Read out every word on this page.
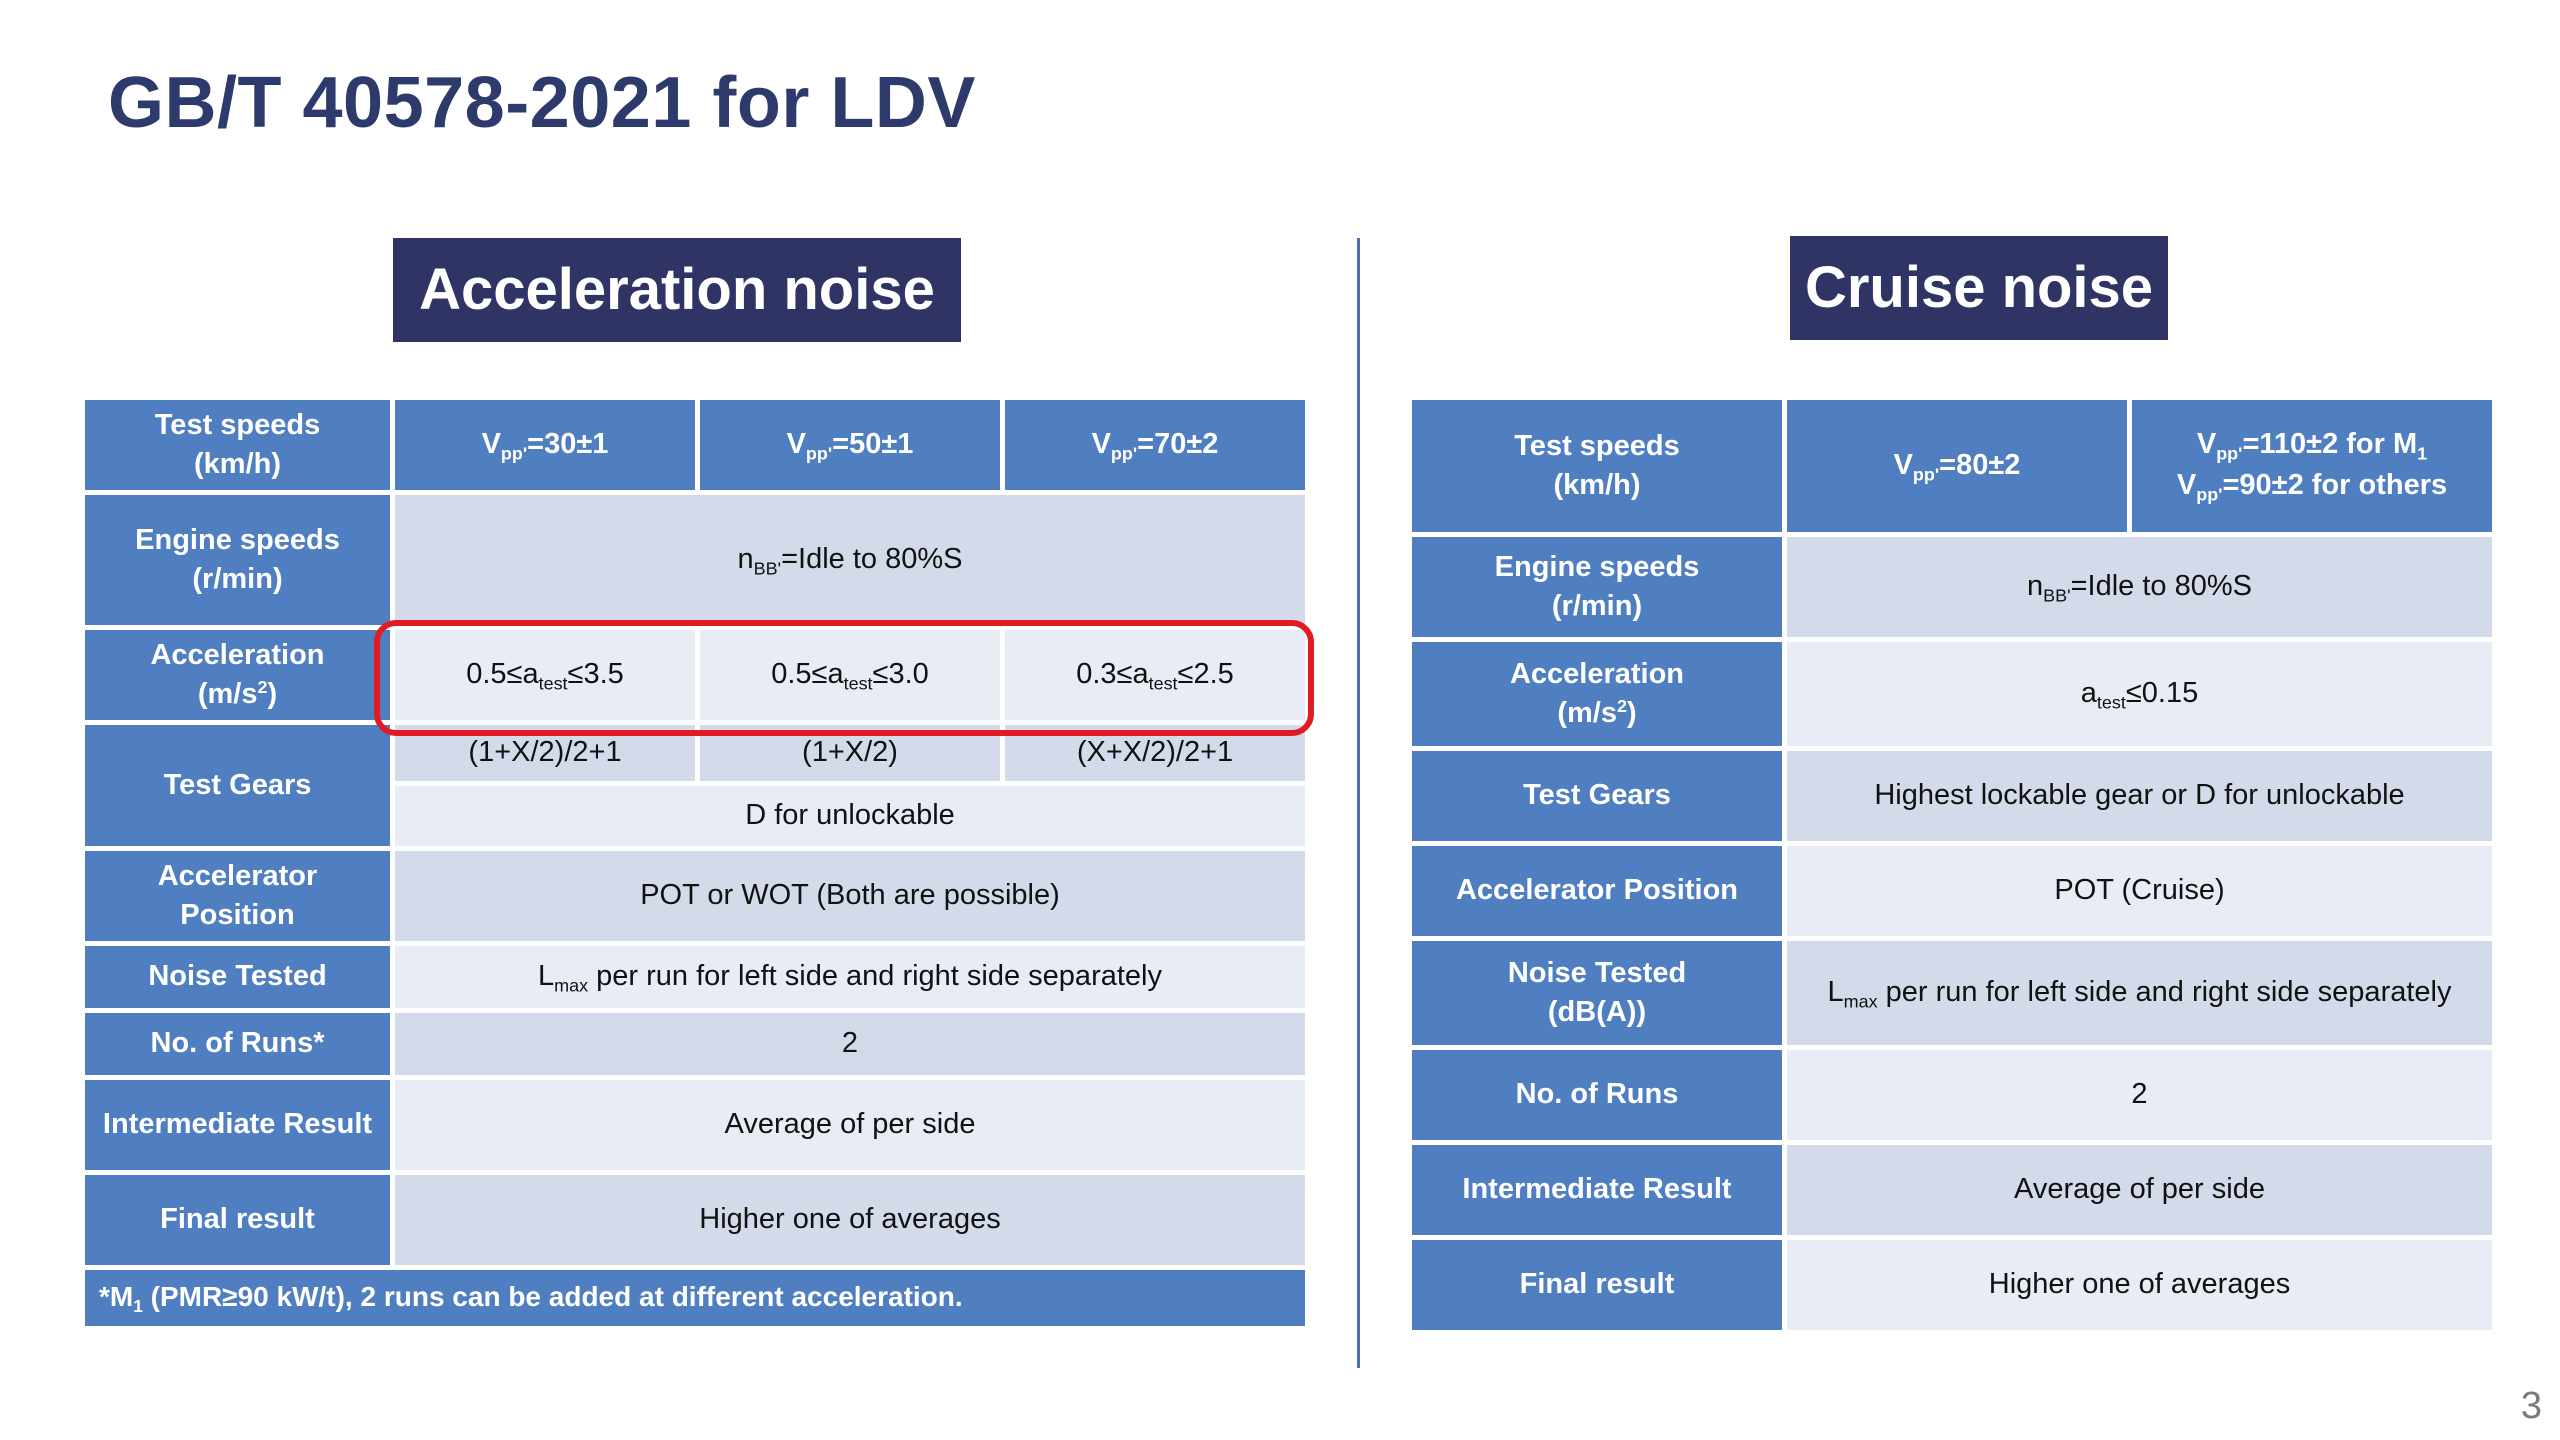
GB/T 40578-2021 for LDV
Acceleration noise	Cruise noise
Test speeds
(km/h)	$V_{pp'}=30\pm 1$	$V_{pp'}=50\pm 1$	$V_{pp'}=70\pm 2$
Engine speeds
(r/min)	$n_{BB'}=Idle$ to 80%S		
Acceleration
$(m/s^2)$	$0.5\le a_{test}\le 3.5$	$0.5\le a_{test}\le 3.0$	$0.3\le a_{test}\le 2.5$
Test Gears	(1+X/2)/2+1	(1+X/2)	(X+X/2)/2+1
	D for unlockable		
Accelerator
Position	POT or WOT (Both are possible)		
Noise Tested	$L_{max}$ per run for left side and right side separately		
No. of Runs*	2		
Intermediate Result	Average of per side		
Final result	Higher one of averages		
$*M_1$ (PMR≥90 kW/t), 2 runs can be added at different acceleration.			
Test speeds
(km/h)	$V_{pp'}=80\pm 2$	$V_{pp'}=110\pm 2$ for $M_1$
$V_{pp'}=90\pm 2$ for others
Engine speeds
(r/min)	$n_{BB'}=Idle$ to 80%S	
Acceleration
$(m/s^2)$	$a_{test}\le 0.15$	
Test Gears	Highest lockable gear or D for unlockable	
Accelerator Position	POT (Cruise)	
Noise Tested
(dB(A))	$L_{max}$ per run for left side and right side separately	
No. of Runs	2	
Intermediate Result	Average of per side	
Final result	Higher one of averages	
3
